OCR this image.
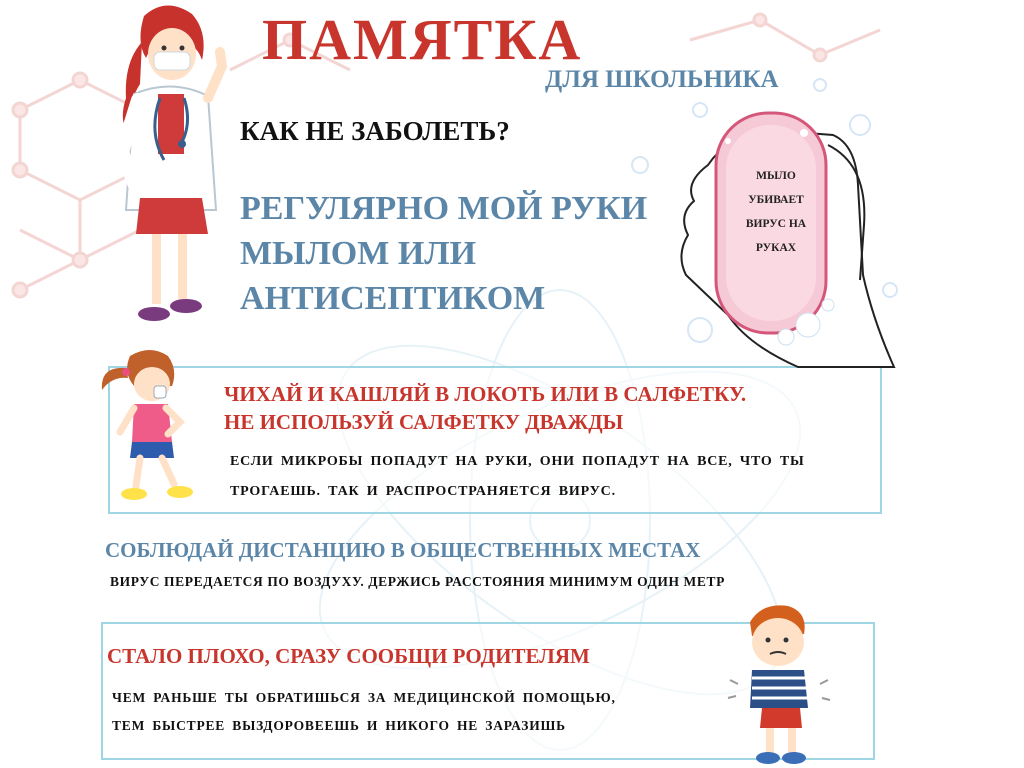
ПАМЯТКА
ДЛЯ ШКОЛЬНИКА
КАК НЕ ЗАБОЛЕТЬ?
РЕГУЛЯРНО МОЙ РУКИ
МЫЛОМ ИЛИ
АНТИСЕПТИКОМ
МЫЛО
УБИВАЕТ
ВИРУС НА
РУКАХ
ЧИХАЙ И КАШЛЯЙ В ЛОКОТЬ ИЛИ В САЛФЕТКУ.
НЕ ИСПОЛЬЗУЙ САЛФЕТКУ ДВАЖДЫ
ЕСЛИ МИКРОБЫ ПОПАДУТ НА РУКИ, ОНИ ПОПАДУТ НА ВСЕ, ЧТО ТЫ
ТРОГАЕШЬ. ТАК И РАСПРОСТРАНЯЕТСЯ ВИРУС.
СОБЛЮДАЙ ДИСТАНЦИЮ В ОБЩЕСТВЕННЫХ МЕСТАХ
ВИРУС ПЕРЕДАЕТСЯ ПО ВОЗДУХУ. ДЕРЖИСЬ РАССТОЯНИЯ МИНИМУМ ОДИН МЕТР
СТАЛО ПЛОХО, СРАЗУ СООБЩИ РОДИТЕЛЯМ
ЧЕМ РАНЬШЕ ТЫ ОБРАТИШЬСЯ ЗА МЕДИЦИНСКОЙ ПОМОЩЬЮ,
ТЕМ БЫСТРЕЕ ВЫЗДОРОВЕЕШЬ И НИКОГО НЕ ЗАРАЗИШЬ
